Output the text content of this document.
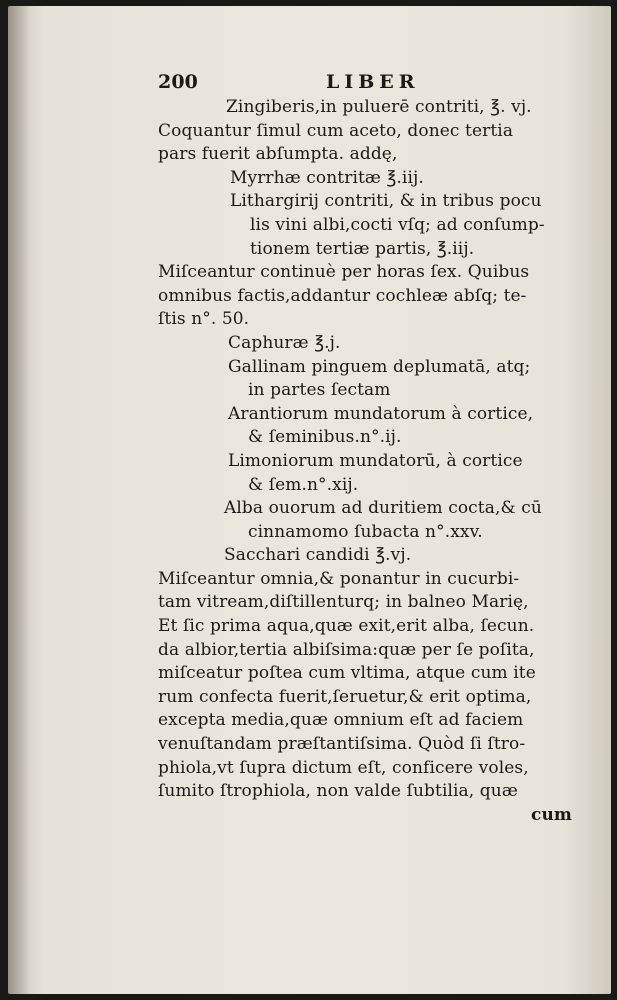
200	LIBER
Zingiberis,in puluerē contriti, ℥. vj.
Coquantur ſimul cum aceto, donec tertia
pars fuerit abſumpta. addę,
Myrrhæ contritæ ℥.iij.
Lithargirij contriti, & in tribus pocu
lis vini albi,cocti vſq; ad conſump-
tionem tertiæ partis, ℥.iij.
Miſceantur continuè per horas ſex. Quibus
omnibus factis,addantur cochleæ abſq; te-
ſtis n°. 50.
Caphuræ ℥.j.
Gallinam pinguem deplumatā, atq;
in partes ſectam
Arantiorum mundatorum à cortice,
& ſeminibus.n°.ij.
Limoniorum mundatorū, à cortice
& ſem.n°.xij.
Alba ouorum ad duritiem cocta,& cū
cinnamomo ſubacta n°.xxv.
Sacchari candidi ℥.vj.
Miſceantur omnia,& ponantur in cucurbi-
tam vitream,diſtillenturq; in balneo Marię,
Et ſic prima aqua,quæ exit,erit alba, ſecun.
da albior,tertia albiſsima:quæ per ſe poſita,
miſceatur poſtea cum vltima, atque cum ite
rum confecta fuerit,ſeruetur,& erit optima,
excepta media,quæ omnium eſt ad faciem
venuſtandam præſtantiſsima. Quòd ſi ſtro-
phiola,vt ſupra dictum eſt, conficere voles,
ſumito ſtrophiola, non valde ſubtilia, quæ
cum
